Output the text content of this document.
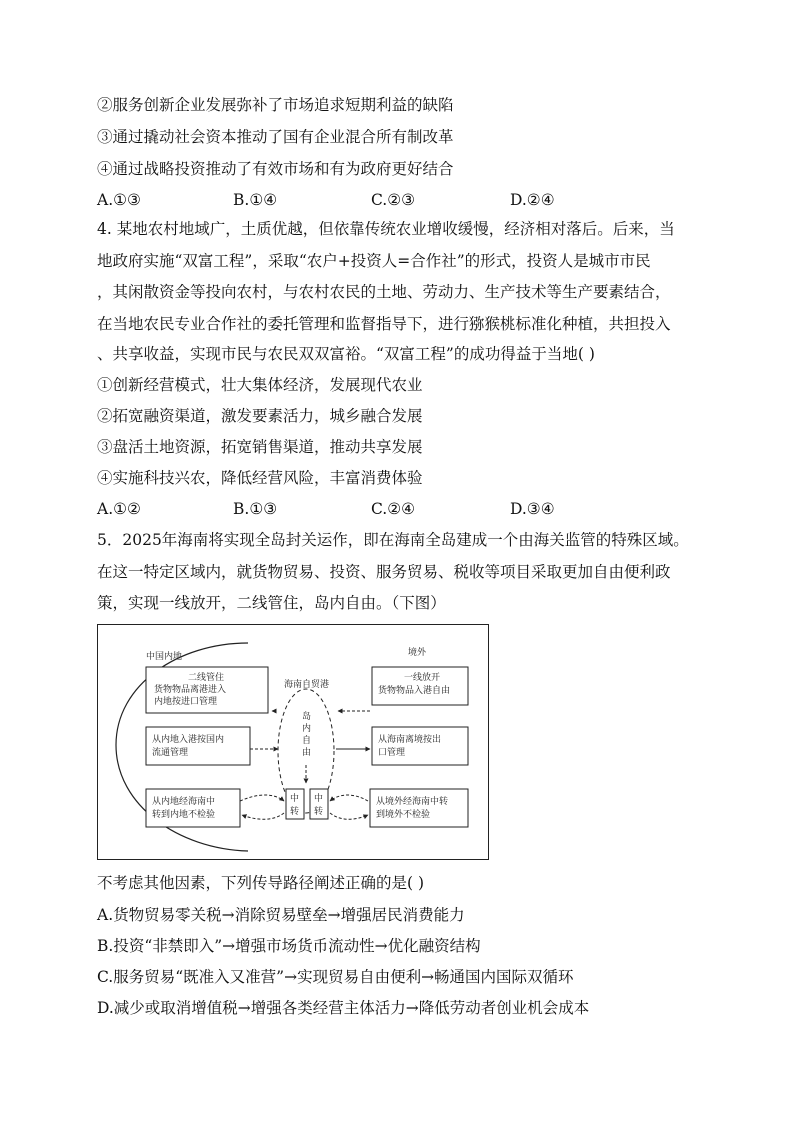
②服务创新企业发展弥补了市场追求短期利益的缺陷
③通过撬动社会资本推动了国有企业混合所有制改革
④通过战略投资推动了有效市场和有为政府更好结合
A.①③	B.①④	C.②③	D.②④
4. 某地农村地域广，土质优越，但依靠传统农业增收缓慢，经济相对落后。后来，当
地政府实施“双富工程”，采取“农户+投资人=合作社”的形式，投资人是城市市民
，其闲散资金等投向农村，与农村农民的土地、劳动力、生产技术等生产要素结合，
在当地农民专业合作社的委托管理和监督指导下，进行猕猴桃标准化种植，共担投入
、共享收益，实现市民与农民双双富裕。“双富工程”的成功得益于当地( )
①创新经营模式，壮大集体经济，发展现代农业
②拓宽融资渠道，激发要素活力，城乡融合发展
③盘活土地资源，拓宽销售渠道，推动共享发展
④实施科技兴农，降低经营风险，丰富消费体验
A.①②	B.①③	C.②④	D.③④
5．2025年海南将实现全岛封关运作，即在海南全岛建成一个由海关监管的特殊区域。
在这一特定区域内，就货物贸易、投资、服务贸易、税收等项目采取更加自由便利政
策，实现一线放开，二线管住，岛内自由。（下图）
中国内地	境外
海南自贸港
岛
内
自
由
二线管住
货物物品离港进入
内地按进口管理
从内地入港按国内
流通管理
从内地经海南中
转到内地不检验
一线放开
货物物品入港自由
从海南离境按出
口管理
从境外经海南中转
到境外不检验
中
转
中
转
不考虑其他因素，下列传导路径阐述正确的是( )
A.货物贸易零关税→消除贸易壁垒→增强居民消费能力
B.投资“非禁即入”→增强市场货币流动性→优化融资结构
C.服务贸易“既准入又准营”→实现贸易自由便利→畅通国内国际双循环
D.减少或取消增值税→增强各类经营主体活力→降低劳动者创业机会成本
